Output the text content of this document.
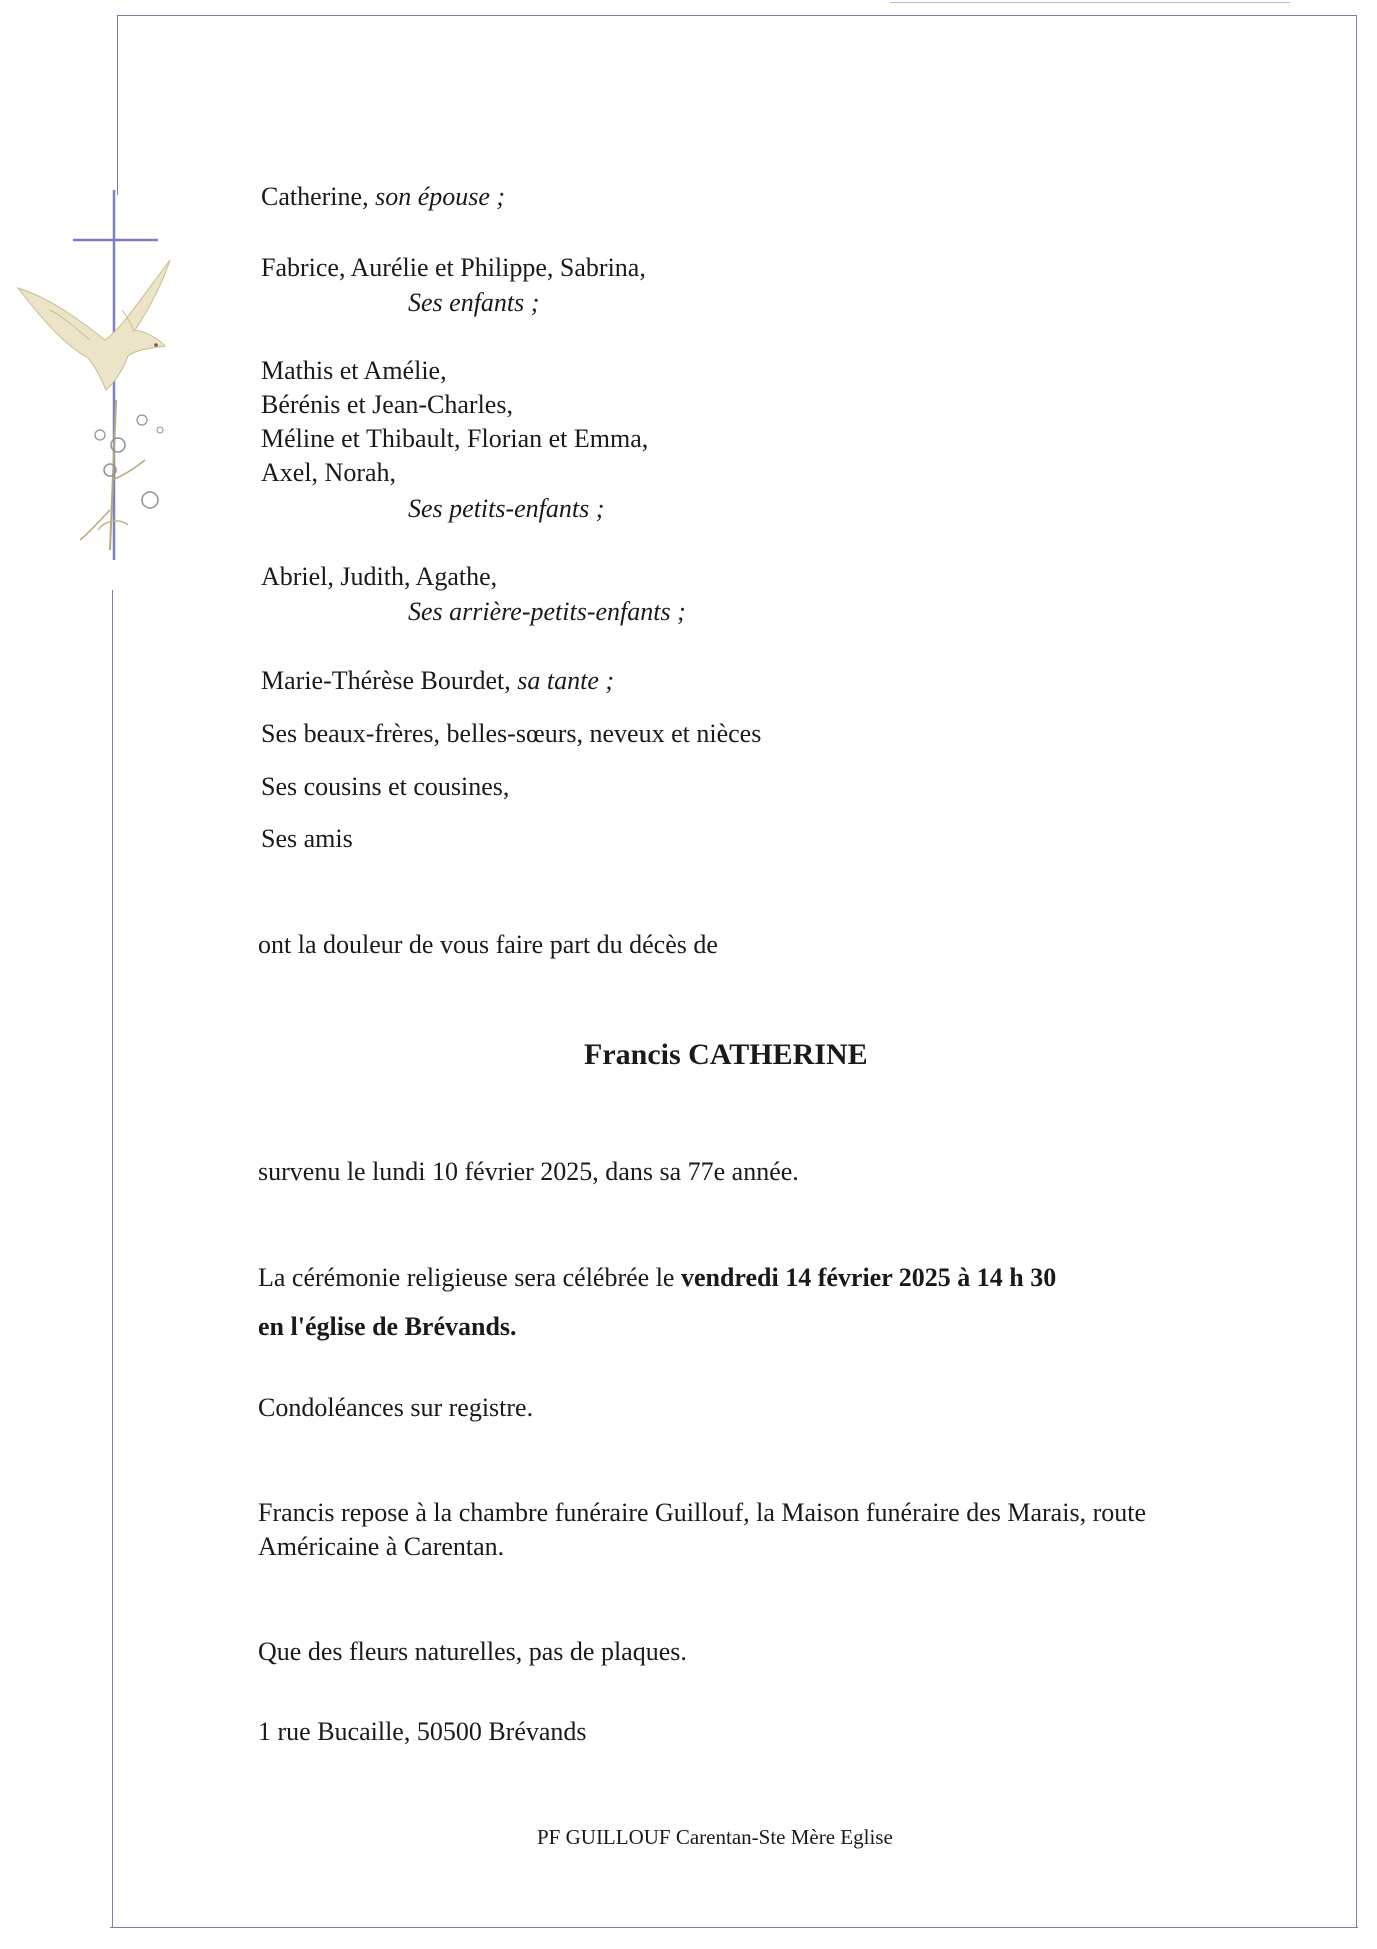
Catherine, son épouse ;
Fabrice, Aurélie et Philippe, Sabrina,
Ses enfants ;
Mathis et Amélie,
Bérénis et Jean-Charles,
Méline et Thibault, Florian et Emma,
Axel, Norah,
Ses petits-enfants ;
Abriel, Judith, Agathe,
Ses arrière-petits-enfants ;
Marie-Thérèse Bourdet, sa tante ;
Ses beaux-frères, belles-sœurs, neveux et nièces
Ses cousins et cousines,
Ses amis
ont la douleur de vous faire part du décès de
Francis CATHERINE
survenu le lundi 10 février 2025, dans sa 77e année.
La cérémonie religieuse sera célébrée le vendredi 14 février 2025 à 14 h 30
en l'église de Brévands.
Condoléances sur registre.
Francis repose à la chambre funéraire Guillouf, la Maison funéraire des Marais, route
Américaine à Carentan.
Que des fleurs naturelles, pas de plaques.
1 rue Bucaille, 50500 Brévands
PF GUILLOUF Carentan-Ste Mère Eglise
